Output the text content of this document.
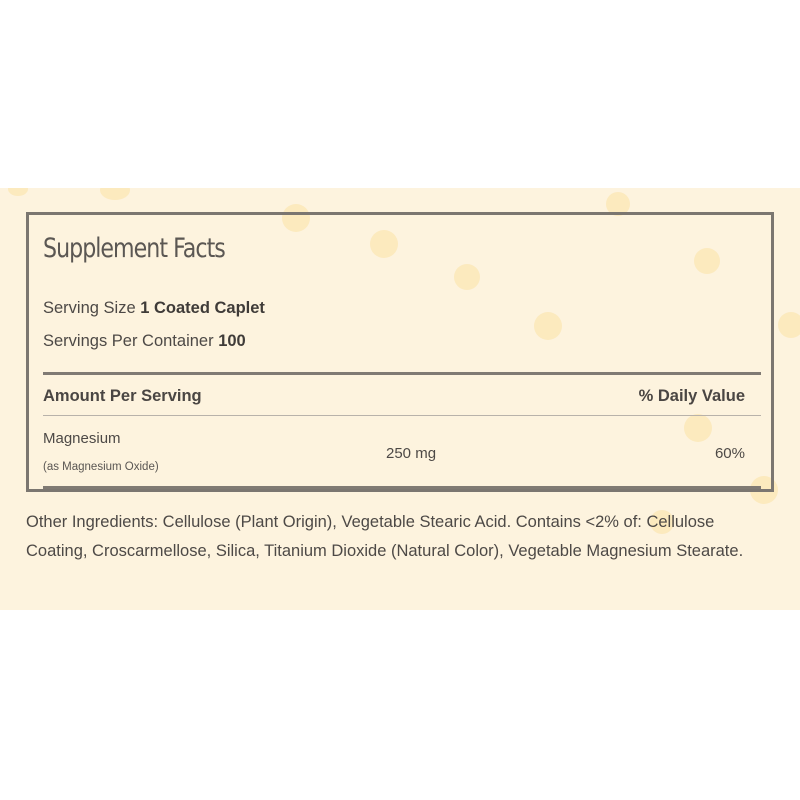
Supplement Facts
Serving Size 1 Coated Caplet
Servings Per Container 100
Amount Per Serving	% Daily Value
Magnesium
(as Magnesium Oxide)
250 mg	60%
Other Ingredients: Cellulose (Plant Origin), Vegetable Stearic Acid. Contains <2% of: Cellulose Coating, Croscarmellose, Silica, Titanium Dioxide (Natural Color), Vegetable Magnesium Stearate.
